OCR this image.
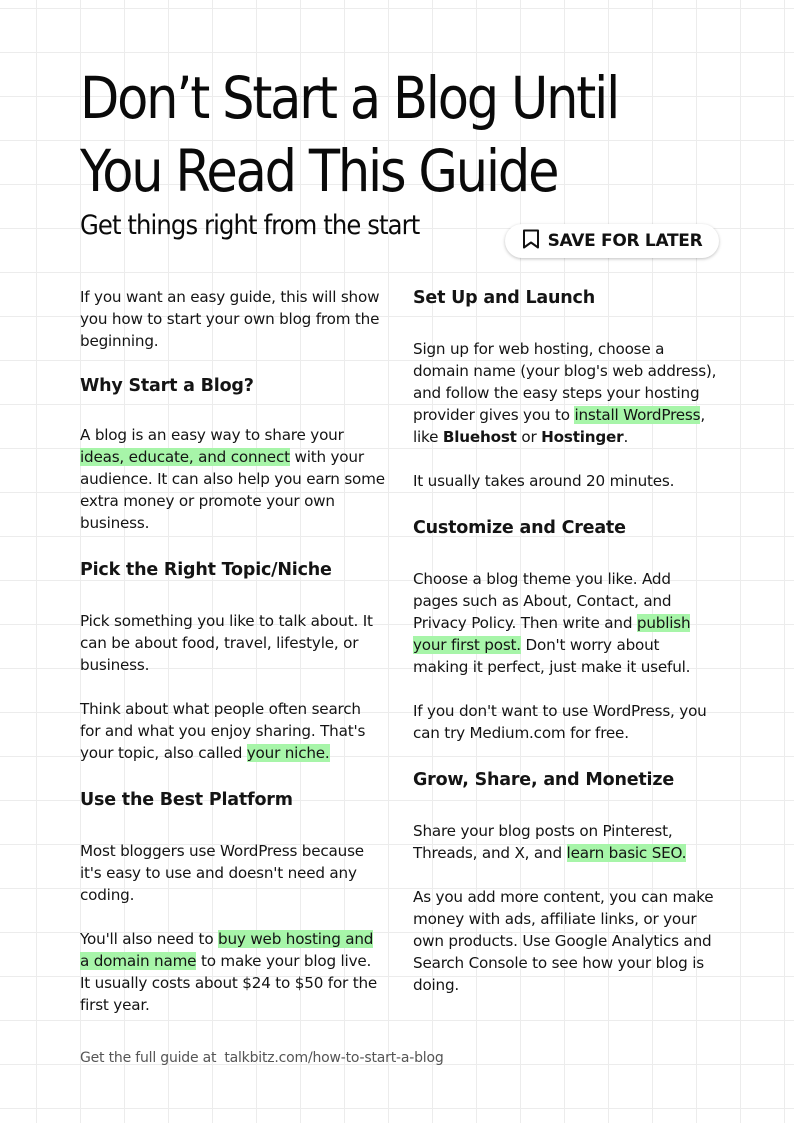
Don’t Start a Blog Until
You Read This Guide

Get things right from the start	SAVE FOR LATER

If you want an easy guide, this will show you how to start your own blog from the beginning.

Why Start a Blog?

A blog is an easy way to share your ideas, educate, and connect with your audience. It can also help you earn some extra money or promote your own business.

Pick the Right Topic/Niche

Pick something you like to talk about. It can be about food, travel, lifestyle, or business.

Think about what people often search for and what you enjoy sharing. That's your topic, also called your niche.

Use the Best Platform

Most bloggers use WordPress because it's easy to use and doesn't need any coding.

You'll also need to buy web hosting and a domain name to make your blog live. It usually costs about $24 to $50 for the first year.

Set Up and Launch

Sign up for web hosting, choose a domain name (your blog's web address), and follow the easy steps your hosting provider gives you to install WordPress, like Bluehost or Hostinger.

It usually takes around 20 minutes.

Customize and Create

Choose a blog theme you like. Add pages such as About, Contact, and Privacy Policy. Then write and publish your first post. Don't worry about making it perfect, just make it useful.

If you don't want to use WordPress, you can try Medium.com for free.

Grow, Share, and Monetize

Share your blog posts on Pinterest, Threads, and X, and learn basic SEO.

As you add more content, you can make money with ads, affiliate links, or your own products. Use Google Analytics and Search Console to see how your blog is doing.

Get the full guide at talkbitz.com/how-to-start-a-blog
